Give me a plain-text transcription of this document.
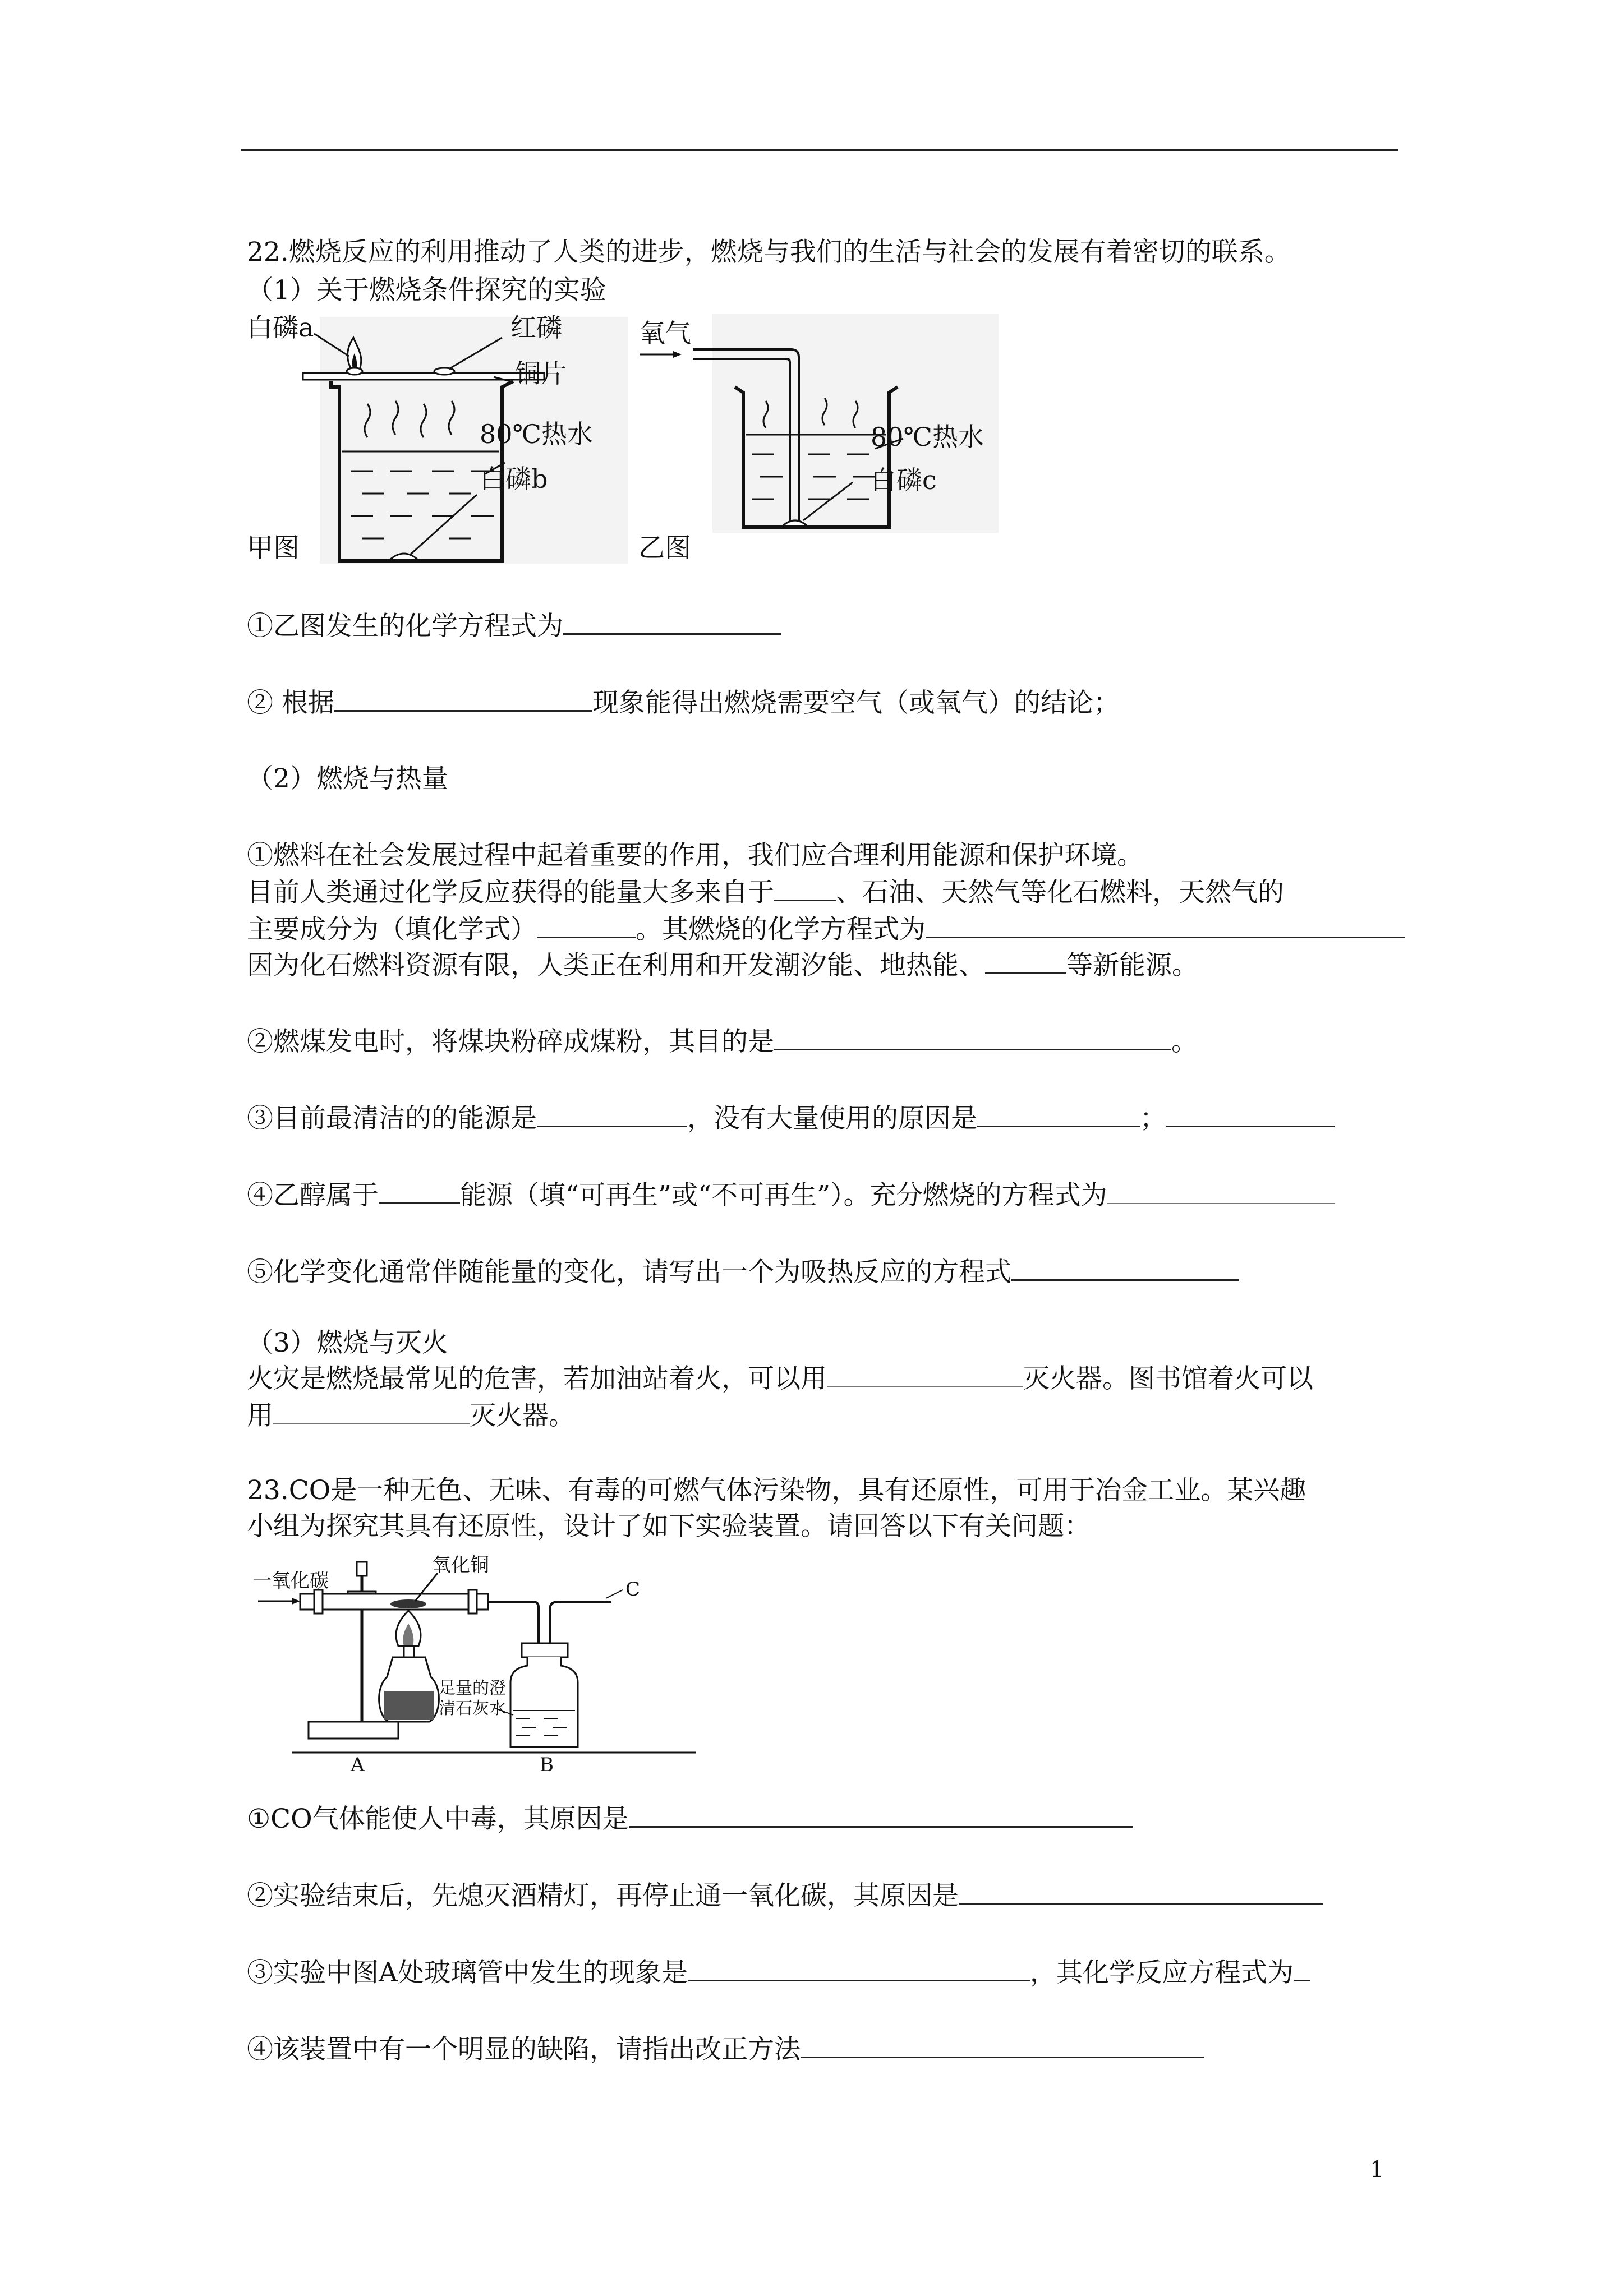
22.燃烧反应的利用推动了人类的进步，燃烧与我们的生活与社会的发展有着密切的联系。
（1）关于燃烧条件探究的实验
白磷a	红磷
铜片
80℃热水
白磷b
氧气
80℃热水
白磷c
甲图	乙图
①乙图发生的化学方程式为
② 根据	现象能得出燃烧需要空气（或氧气）的结论；
（2）燃烧与热量
①燃料在社会发展过程中起着重要的作用，我们应合理利用能源和保护环境。
目前人类通过化学反应获得的能量大多来自于 、石油、天然气等化石燃料，天然气的
主要成分为（填化学式）	。其燃烧的化学方程式为
因为化石燃料资源有限，人类正在利用和开发潮汐能、地热能、	等新能源。
②燃煤发电时，将煤块粉碎成煤粉，其目的是	。
③目前最清洁的的能源是	，没有大量使用的原因是	；
④乙醇属于	能源（填“可再生”或“不可再生”）。充分燃烧的方程式为
⑤化学变化通常伴随能量的变化，请写出一个为吸热反应的方程式
（3）燃烧与灭火
火灾是燃烧最常见的危害，若加油站着火，可以用	灭火器。图书馆着火可以
用	灭火器。
23.CO是一种无色、无味、有毒的可燃气体污染物，具有还原性，可用于冶金工业。某兴趣
小组为探究其具有还原性，设计了如下实验装置。请回答以下有关问题：
一氧化碳
氧化铜
足量的澄
清石灰水
A	B
C
①CO气体能使人中毒，其原因是
②实验结束后，先熄灭酒精灯，再停止通一氧化碳，其原因是
③实验中图A处玻璃管中发生的现象是	，其化学反应方程式为
④该装置中有一个明显的缺陷，请指出改正方法
1
